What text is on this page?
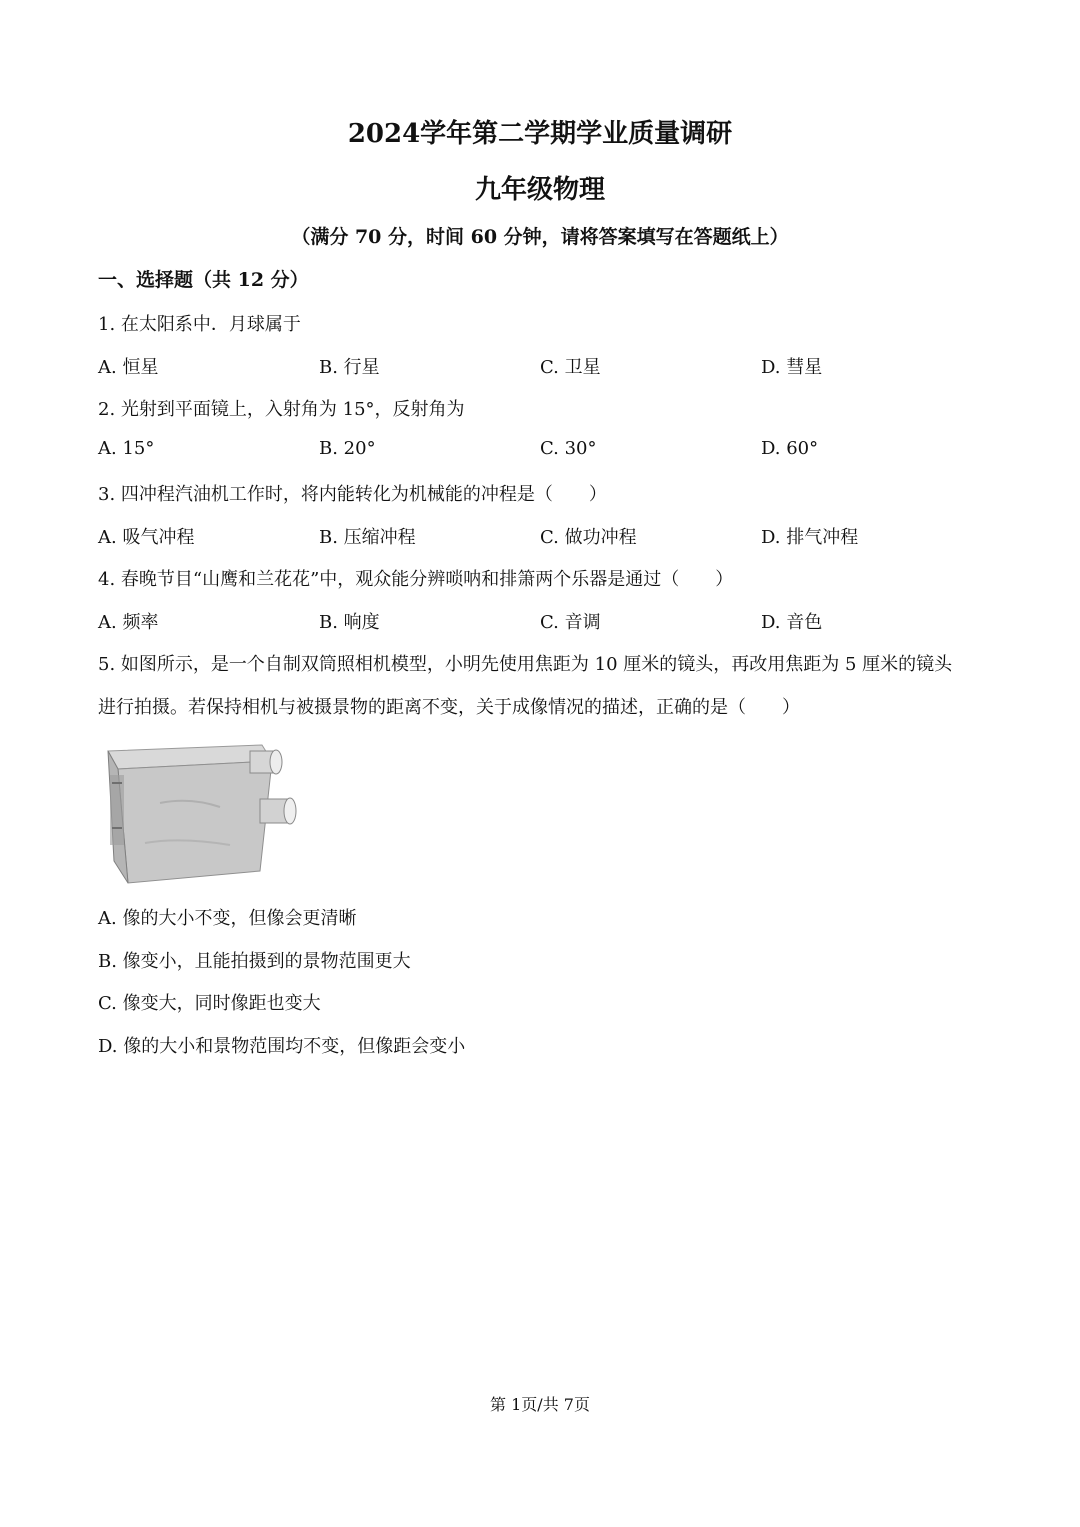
2024学年第二学期学业质量调研
九年级物理
（满分 70 分，时间 60 分钟，请将答案填写在答题纸上）
一、选择题（共 12 分）
1. 在太阳系中．月球属于
A. 恒星	B. 行星	C. 卫星	D. 彗星
2. 光射到平面镜上，入射角为 15°，反射角为
A. 15°	B. 20°	C. 30°	D. 60°
3. 四冲程汽油机工作时，将内能转化为机械能的冲程是（　　）
A. 吸气冲程	B. 压缩冲程	C. 做功冲程	D. 排气冲程
4. 春晚节目“山鹰和兰花花”中，观众能分辨唢呐和排箫两个乐器是通过（　　）
A. 频率	B. 响度	C. 音调	D. 音色
5. 如图所示，是一个自制双筒照相机模型，小明先使用焦距为 10 厘米的镜头，再改用焦距为 5 厘米的镜头
进行拍摄。若保持相机与被摄景物的距离不变，关于成像情况的描述，正确的是（　　）
A. 像的大小不变，但像会更清晰
B. 像变小，且能拍摄到的景物范围更大
C. 像变大，同时像距也变大
D. 像的大小和景物范围均不变，但像距会变小
第 1页/共 7页
